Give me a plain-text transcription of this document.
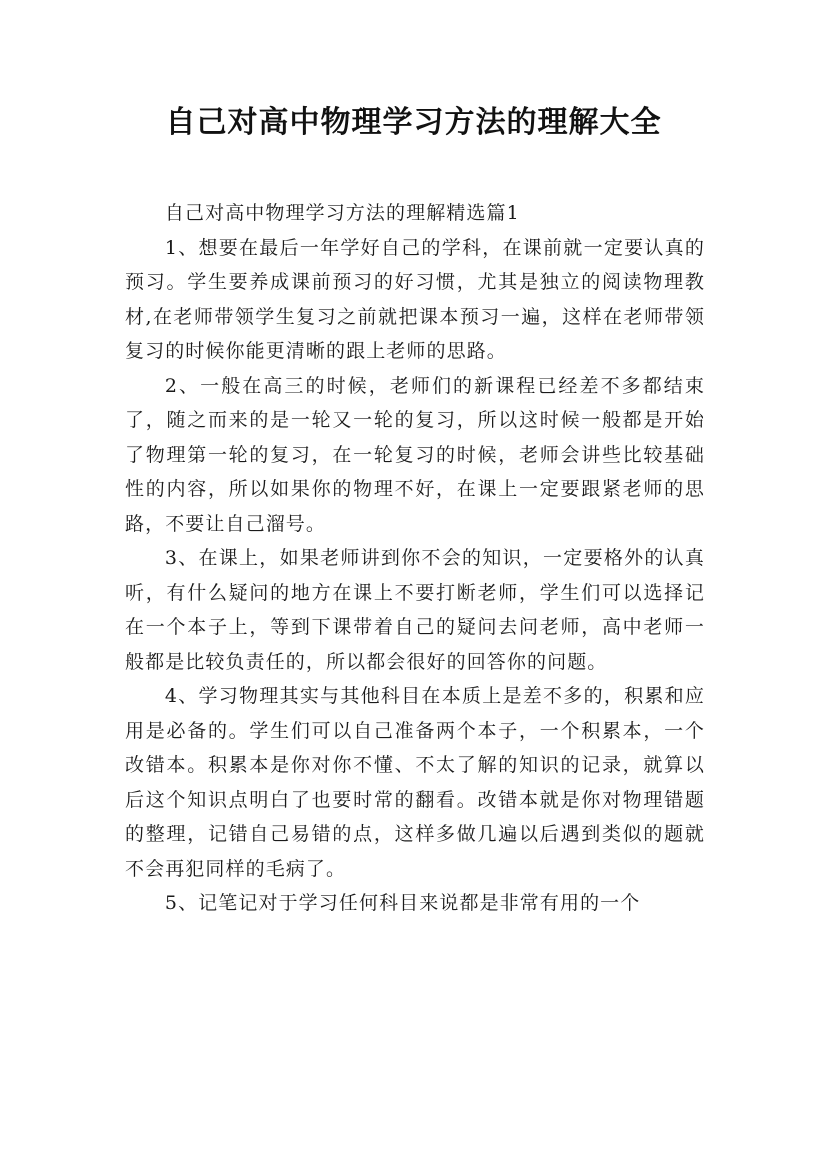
自己对高中物理学习方法的理解大全

自己对高中物理学习方法的理解精选篇1

1、想要在最后一年学好自己的学科，在课前就一定要认真的预习。学生要养成课前预习的好习惯，尤其是独立的阅读物理教材,在老师带领学生复习之前就把课本预习一遍，这样在老师带领复习的时候你能更清晰的跟上老师的思路。

2、一般在高三的时候，老师们的新课程已经差不多都结束了，随之而来的是一轮又一轮的复习，所以这时候一般都是开始了物理第一轮的复习，在一轮复习的时候，老师会讲些比较基础性的内容，所以如果你的物理不好，在课上一定要跟紧老师的思路，不要让自己溜号。

3、在课上，如果老师讲到你不会的知识，一定要格外的认真听，有什么疑问的地方在课上不要打断老师，学生们可以选择记在一个本子上，等到下课带着自己的疑问去问老师，高中老师一般都是比较负责任的，所以都会很好的回答你的问题。

4、学习物理其实与其他科目在本质上是差不多的，积累和应用是必备的。学生们可以自己准备两个本子，一个积累本，一个改错本。积累本是你对你不懂、不太了解的知识的记录，就算以后这个知识点明白了也要时常的翻看。改错本就是你对物理错题的整理，记错自己易错的点，这样多做几遍以后遇到类似的题就不会再犯同样的毛病了。

5、记笔记对于学习任何科目来说都是非常有用的一个
